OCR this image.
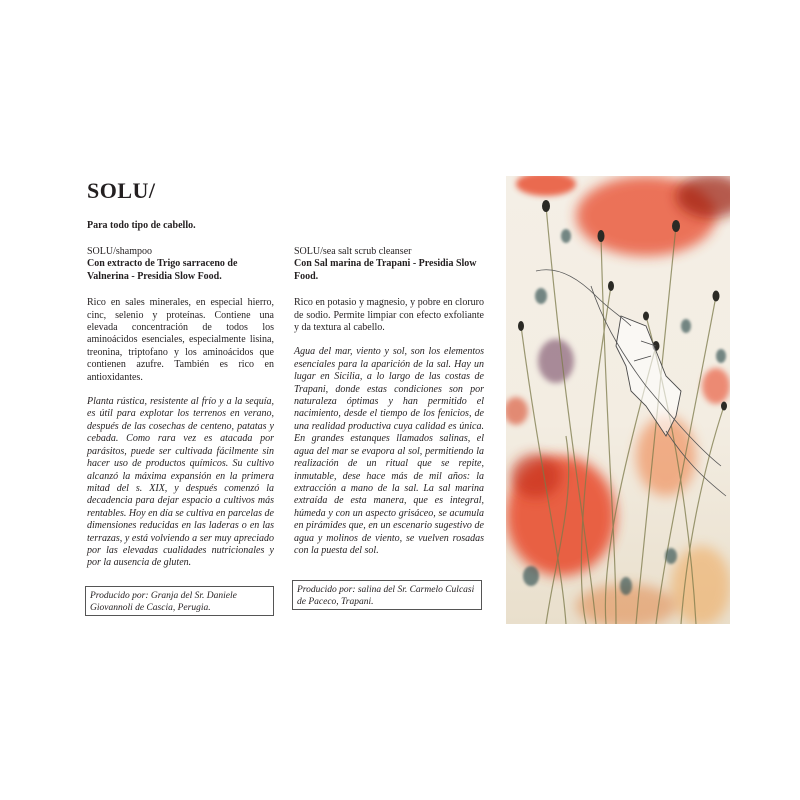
SOLU/

Para todo tipo de cabello.

SOLU/shampoo

Con extracto de Trigo sarraceno de Valnerina - Presidia Slow Food.

Rico en sales minerales, en especial hierro, cinc, selenio y proteínas. Contiene una elevada concentración de todos los aminoácidos esenciales, especialmente lisina, treonina, triptofano y los aminoácidos que contienen azufre. También es rico en antioxidantes.

Planta rústica, resistente al frío y a la sequía, es útil para explotar los terrenos en verano, después de las cosechas de centeno, patatas y cebada. Como rara vez es atacada por parásitos, puede ser cultivada fácilmente sin hacer uso de productos químicos. Su cultivo alcanzó la máxima expansión en la primera mitad del s. XIX, y después comenzó la decadencia para dejar espacio a cultivos más rentables. Hoy en día se cultiva en parcelas de dimensiones reducidas en las laderas o en las terrazas, y está volviendo a ser muy apreciado por las elevadas cualidades nutricionales y por la ausencia de gluten.

Producido por: Granja del Sr. Daniele Giovannoli de Cascia, Perugia.

SOLU/sea salt scrub cleanser

Con Sal marina de Trapani - Presidia Slow Food.

Rico en potasio y magnesio, y pobre en cloruro de sodio. Permite limpiar con efecto exfoliante y da textura al cabello.

Agua del mar, viento y sol, son los elementos esenciales para la aparición de la sal. Hay un lugar en Sicilia, a lo largo de las costas de Trapani, donde estas condiciones son por naturaleza óptimas y han permitido el nacimiento, desde el tiempo de los fenicios, de una realidad productiva cuya calidad es única. En grandes estanques llamados salinas, el agua del mar se evapora al sol, permitiendo la realización de un ritual que se repite, inmutable, dese hace más de mil años: la extracción a mano de la sal. La sal marina extraída de esta manera, que es integral, húmeda y con un aspecto grisáceo, se acumula en pirámides que, en un escenario sugestivo de agua y molinos de viento, se vuelven rosadas con la puesta del sol.

Producido por: salina del Sr. Carmelo Culcasi de Paceco, Trapani.
